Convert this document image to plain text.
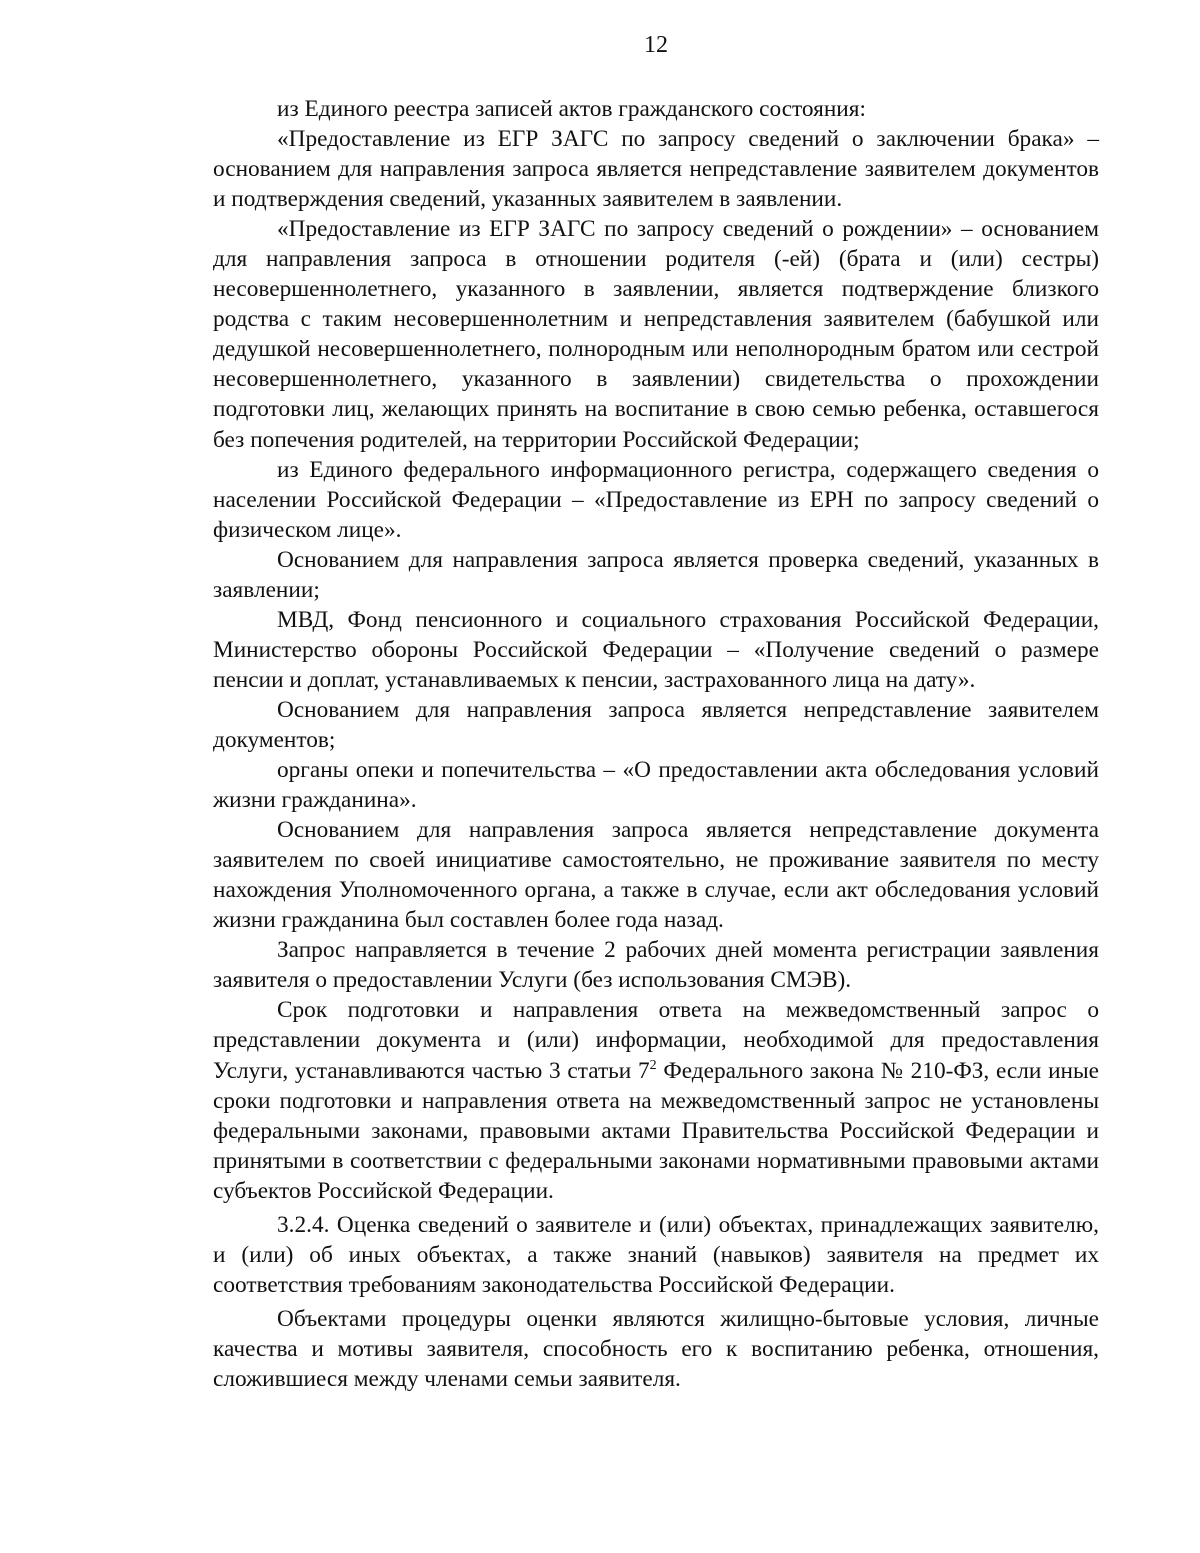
12

из Единого реестра записей актов гражданского состояния:

«Предоставление из ЕГР ЗАГС по запросу сведений о заключении брака» – основанием для направления запроса является непредставление заявителем документов и подтверждения сведений, указанных заявителем в заявлении.

«Предоставление из ЕГР ЗАГС по запросу сведений о рождении» – основанием для направления запроса в отношении родителя (-ей) (брата и (или) сестры) несовершеннолетнего, указанного в заявлении, является подтверждение близкого родства с таким несовершеннолетним и непредставления заявителем (бабушкой или дедушкой несовершеннолетнего, полнородным или неполнородным братом или сестрой несовершеннолетнего, указанного в заявлении) свидетельства о прохождении подготовки лиц, желающих принять на воспитание в свою семью ребенка, оставшегося без попечения родителей, на территории Российской Федерации;

из Единого федерального информационного регистра, содержащего сведения о населении Российской Федерации – «Предоставление из ЕРН по запросу сведений о физическом лице».

Основанием для направления запроса является проверка сведений, указанных в заявлении;

МВД, Фонд пенсионного и социального страхования Российской Федерации, Министерство обороны Российской Федерации – «Получение сведений о размере пенсии и доплат, устанавливаемых к пенсии, застрахованного лица на дату».

Основанием для направления запроса является непредставление заявителем документов;

органы опеки и попечительства – «О предоставлении акта обследования условий жизни гражданина».

Основанием для направления запроса является непредставление документа заявителем по своей инициативе самостоятельно, не проживание заявителя по месту нахождения Уполномоченного органа, а также в случае, если акт обследования условий жизни гражданина был составлен более года назад.

Запрос направляется в течение 2 рабочих дней момента регистрации заявления заявителя о предоставлении Услуги (без использования СМЭВ).

Срок подготовки и направления ответа на межведомственный запрос о представлении документа и (или) информации, необходимой для предоставления Услуги, устанавливаются частью 3 статьи $7^2$ Федерального закона № 210-ФЗ, если иные сроки подготовки и направления ответа на межведомственный запрос не установлены федеральными законами, правовыми актами Правительства Российской Федерации и принятыми в соответствии с федеральными законами нормативными правовыми актами субъектов Российской Федерации.

3.2.4. Оценка сведений о заявителе и (или) объектах, принадлежащих заявителю, и (или) об иных объектах, а также знаний (навыков) заявителя на предмет их соответствия требованиям законодательства Российской Федерации.

Объектами процедуры оценки являются жилищно-бытовые условия, личные качества и мотивы заявителя, способность его к воспитанию ребенка, отношения, сложившиеся между членами семьи заявителя.
